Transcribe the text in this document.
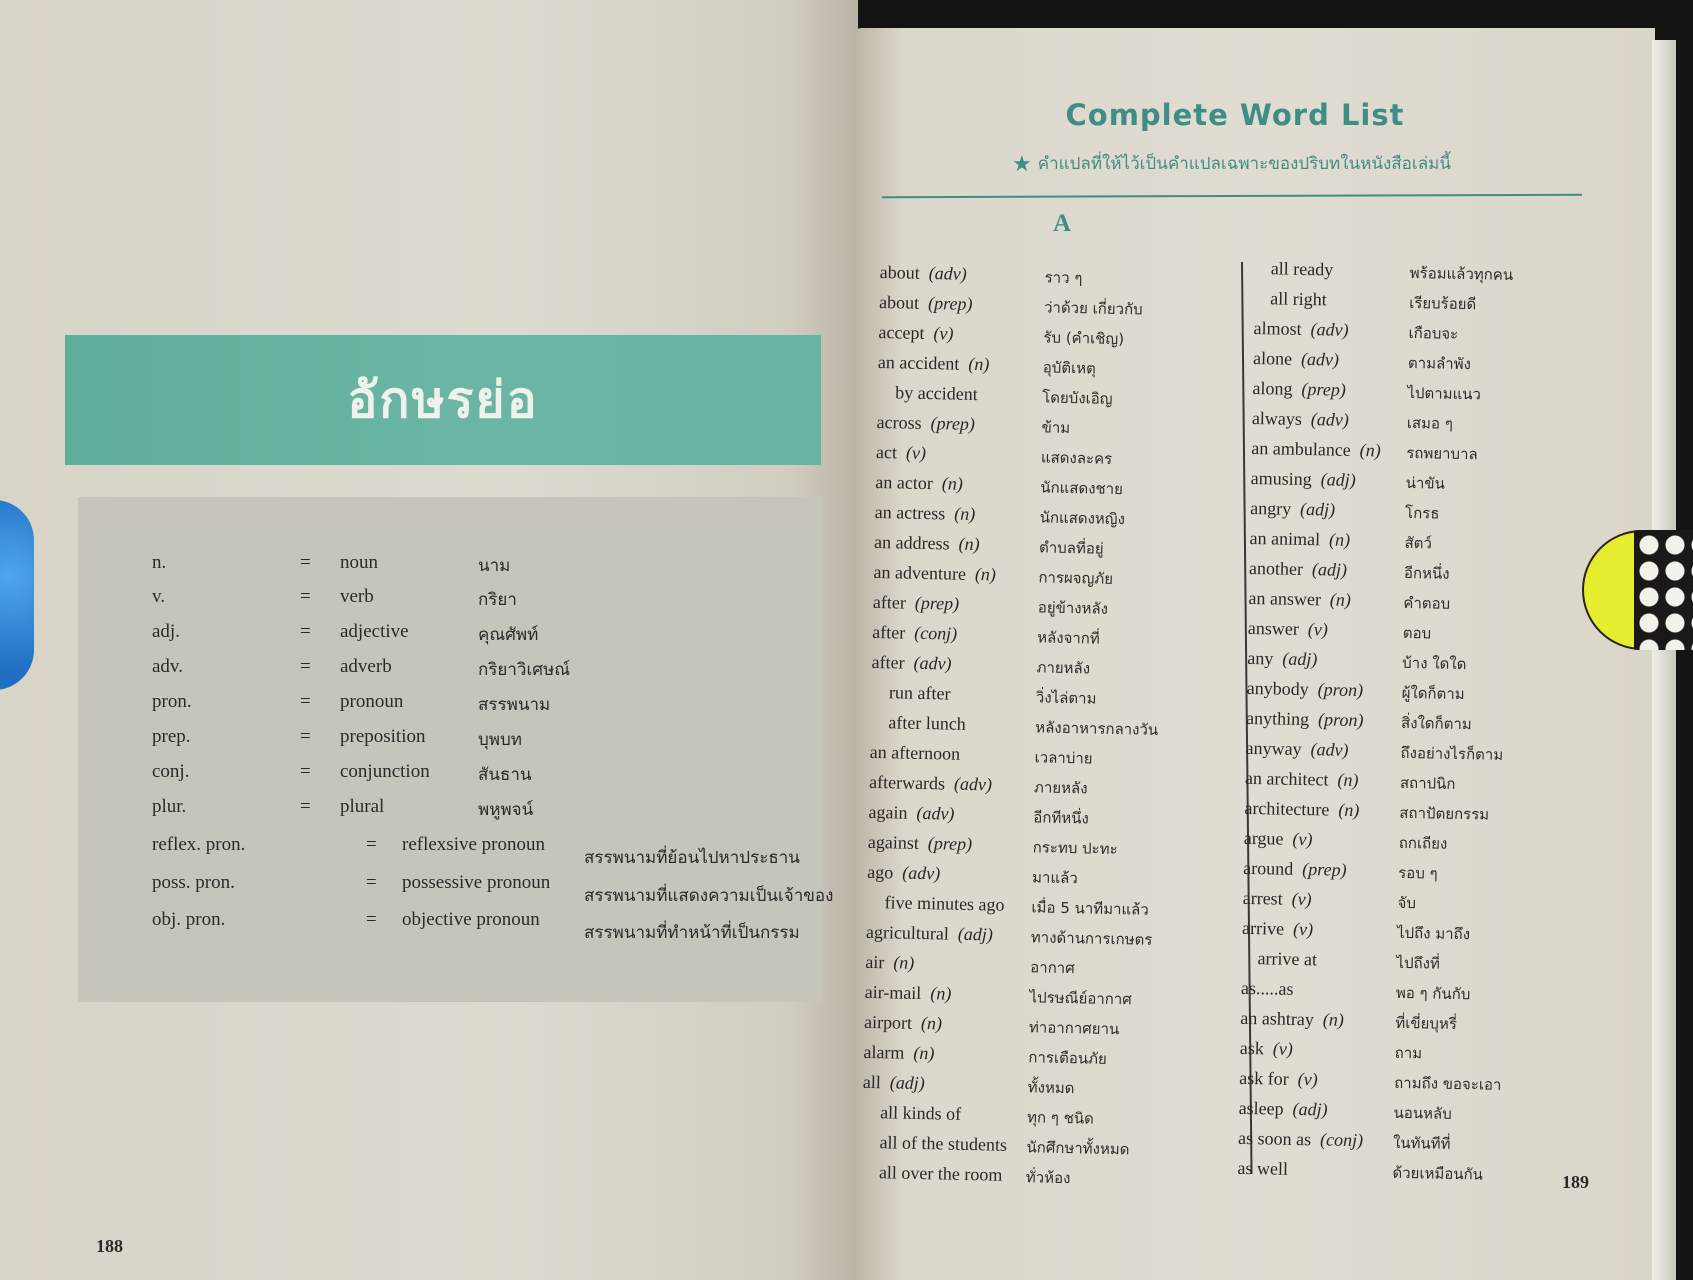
อักษรย่อ
n.	= noun	นาม
v.	= verb	กริยา
adj.	= adjective	คุณศัพท์
adv.	= adverb	กริยาวิเศษณ์
pron.	= pronoun	สรรพนาม
prep.	= preposition	บุพบท
conj.	= conjunction	สันธาน
plur.	= plural	พหูพจน์
reflex. pron.	= reflexsive pronoun
สรรพนามที่ย้อนไปหาประธาน
poss. pron.	= possessive pronoun
สรรพนามที่แสดงความเป็นเจ้าของ
obj. pron.	= objective pronoun
สรรพนามที่ทำหน้าที่เป็นกรรม
188
Complete Word List
★ คำแปลที่ให้ไว้เป็นคำแปลเฉพาะของปริบทในหนังสือเล่มนี้
A
about (adv)	ราว ๆ
about (prep)	ว่าด้วย เกี่ยวกับ
accept (v)	รับ (คำเชิญ)
an accident (n)	อุบัติเหตุ
by accident	โดยบังเอิญ
across (prep)	ข้าม
act (v)	แสดงละคร
an actor (n)	นักแสดงชาย
an actress (n)	นักแสดงหญิง
an address (n)	ตำบลที่อยู่
an adventure (n)	การผจญภัย
after (prep)	อยู่ข้างหลัง
after (conj)	หลังจากที่
after (adv)	ภายหลัง
run after	วิ่งไล่ตาม
after lunch	หลังอาหารกลางวัน
an afternoon	เวลาบ่าย
afterwards (adv)	ภายหลัง
again (adv)	อีกทีหนึ่ง
against (prep)	กระทบ ปะทะ
ago (adv)	มาแล้ว
five minutes ago เมื่อ 5 นาทีมาแล้ว
agricultural (adj)	ทางด้านการเกษตร
air (n)	อากาศ
air-mail (n)	ไปรษณีย์อากาศ
airport (n)	ท่าอากาศยาน
alarm (n)	การเตือนภัย
all (adj)	ทั้งหมด
all kinds of	ทุก ๆ ชนิด
all of the students นักศึกษาทั้งหมด
all over the room ทั่วห้อง
all ready	พร้อมแล้วทุกคน
all right	เรียบร้อยดี
almost (adv)	เกือบจะ
alone (adv)	ตามลำพัง
along (prep)	ไปตามแนว
always (adv)	เสมอ ๆ
an ambulance (n) รถพยาบาล
amusing (adj)	น่าขัน
angry (adj)	โกรธ
an animal (n)	สัตว์
another (adj)	อีกหนึ่ง
an answer (n)	คำตอบ
answer (v)	ตอบ
any (adj)	บ้าง ใดใด
anybody (pron)	ผู้ใดก็ตาม
anything (pron) สิ่งใดก็ตาม
anyway (adv)	ถึงอย่างไรก็ตาม
an architect (n)	สถาปนิก
architecture (n)	สถาปัตยกรรม
argue (v)	ถกเถียง
around (prep)	รอบ ๆ
arrest (v)	จับ
arrive (v)	ไปถึง มาถึง
arrive at	ไปถึงที่
as.....as	พอ ๆ กันกับ
an ashtray (n)	ที่เขี่ยบุหรี่
ask (v)	ถาม
ask for (v)	ถามถึง ขอจะเอา
asleep (adj)	นอนหลับ
as soon as (conj) ในทันทีที่
as well	ด้วยเหมือนกัน	189
